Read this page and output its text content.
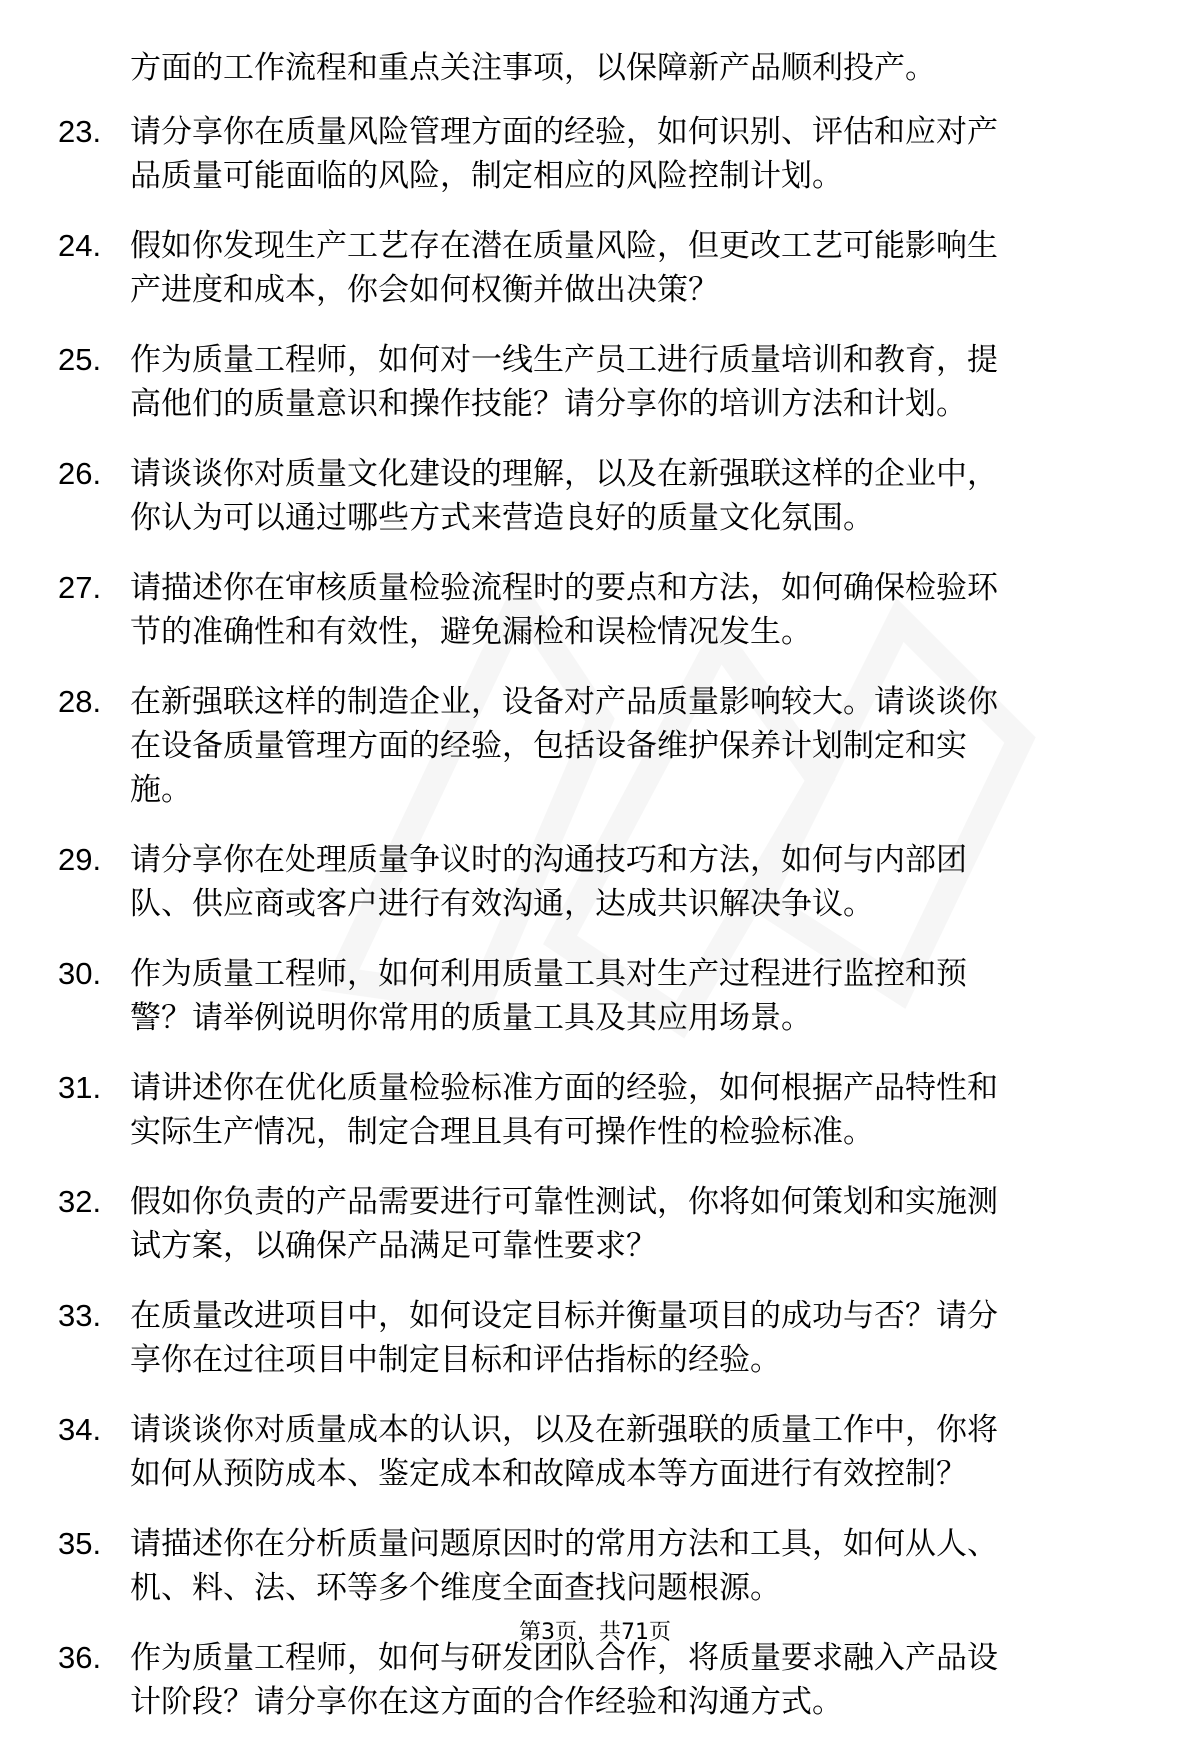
方面的工作流程和重点关注事项，以保障新产品顺利投产。

23. 请分享你在质量风险管理方面的经验，如何识别、评估和应对产
品质量可能面临的风险，制定相应的风险控制计划。
24. 假如你发现生产工艺存在潜在质量风险，但更改工艺可能影响生
产进度和成本，你会如何权衡并做出决策？
25. 作为质量工程师，如何对一线生产员工进行质量培训和教育，提
高他们的质量意识和操作技能？请分享你的培训方法和计划。
26. 请谈谈你对质量文化建设的理解，以及在新强联这样的企业中，
你认为可以通过哪些方式来营造良好的质量文化氛围。
27. 请描述你在审核质量检验流程时的要点和方法，如何确保检验环
节的准确性和有效性，避免漏检和误检情况发生。
28. 在新强联这样的制造企业，设备对产品质量影响较大。请谈谈你
在设备质量管理方面的经验，包括设备维护保养计划制定和实
施。
29. 请分享你在处理质量争议时的沟通技巧和方法，如何与内部团
队、供应商或客户进行有效沟通，达成共识解决争议。
30. 作为质量工程师，如何利用质量工具对生产过程进行监控和预
警？请举例说明你常用的质量工具及其应用场景。
31. 请讲述你在优化质量检验标准方面的经验，如何根据产品特性和
实际生产情况，制定合理且具有可操作性的检验标准。
32. 假如你负责的产品需要进行可靠性测试，你将如何策划和实施测
试方案，以确保产品满足可靠性要求？
33. 在质量改进项目中，如何设定目标并衡量项目的成功与否？请分
享你在过往项目中制定目标和评估指标的经验。
34. 请谈谈你对质量成本的认识，以及在新强联的质量工作中，你将
如何从预防成本、鉴定成本和故障成本等方面进行有效控制？
35. 请描述你在分析质量问题原因时的常用方法和工具，如何从人、
机、料、法、环等多个维度全面查找问题根源。
36. 作为质量工程师，如何与研发团队合作，将质量要求融入产品设
计阶段？请分享你在这方面的合作经验和沟通方式。
第3页，共71页
